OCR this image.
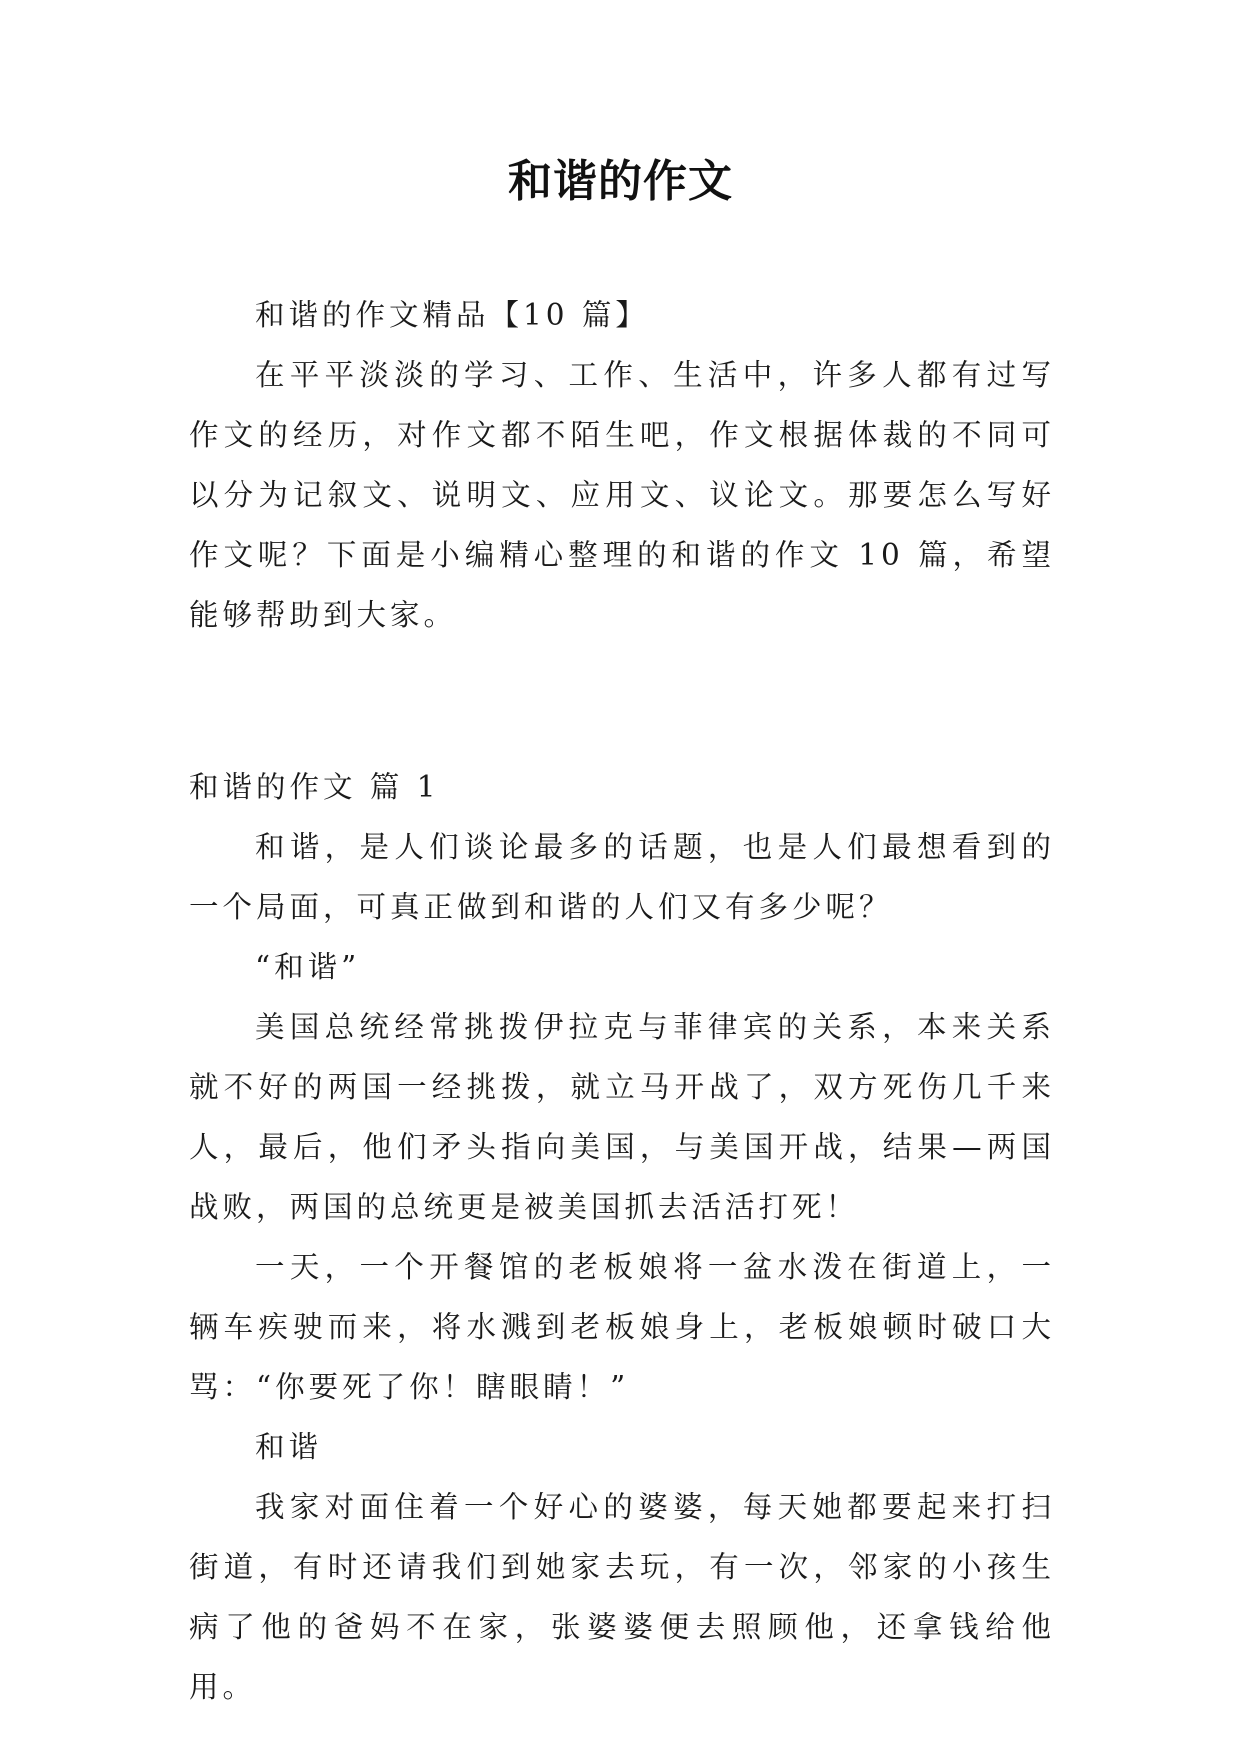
和谐的作文

和谐的作文精品【10 篇】

在平平淡淡的学习、工作、生活中，许多人都有过写作文的经历，对作文都不陌生吧，作文根据体裁的不同可以分为记叙文、说明文、应用文、议论文。那要怎么写好作文呢？下面是小编精心整理的和谐的作文 10 篇，希望能够帮助到大家。

和谐的作文 篇 1

和谐，是人们谈论最多的话题，也是人们最想看到的一个局面，可真正做到和谐的人们又有多少呢？

“和谐”

美国总统经常挑拨伊拉克与菲律宾的关系，本来关系就不好的两国一经挑拨，就立马开战了，双方死伤几千来人，最后，他们矛头指向美国，与美国开战，结果—两国战败，两国的总统更是被美国抓去活活打死！

一天，一个开餐馆的老板娘将一盆水泼在街道上，一辆车疾驶而来，将水溅到老板娘身上，老板娘顿时破口大骂：“你要死了你！瞎眼睛！”

和谐

我家对面住着一个好心的婆婆，每天她都要起来打扫街道，有时还请我们到她家去玩，有一次，邻家的小孩生病了他的爸妈不在家，张婆婆便去照顾他，还拿钱给他用。
